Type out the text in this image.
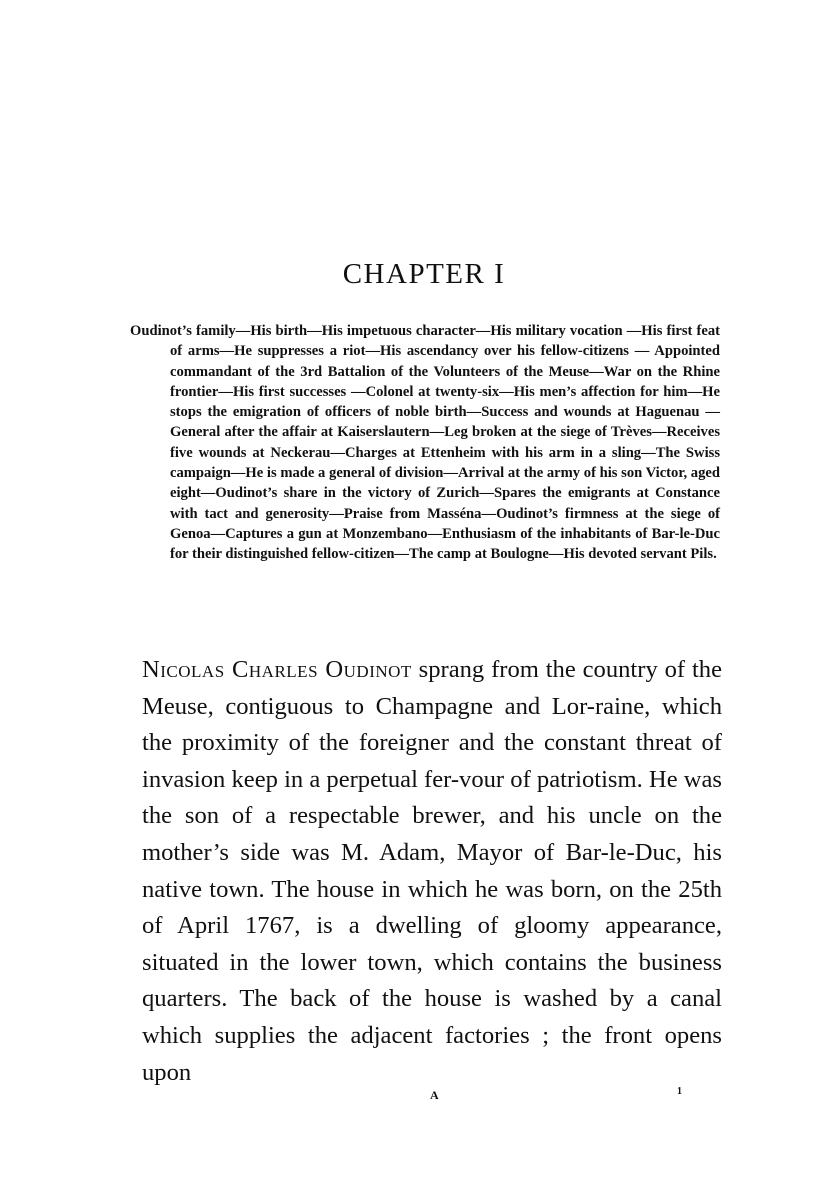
CHAPTER I

Oudinot’s family—His birth—His impetuous character—His military vocation —His first feat of arms—He suppresses a riot—His ascendancy over his fellow-citizens — Appointed commandant of the 3rd Battalion of the Volunteers of the Meuse—War on the Rhine frontier—His first successes —Colonel at twenty-six—His men’s affection for him—He stops the emigration of officers of noble birth—Success and wounds at Haguenau —General after the affair at Kaiserslautern—Leg broken at the siege of Trèves—Receives five wounds at Neckerau—Charges at Ettenheim with his arm in a sling—The Swiss campaign—He is made a general of division—Arrival at the army of his son Victor, aged eight—Oudinot’s share in the victory of Zurich—Spares the emigrants at Constance with tact and generosity—Praise from Masséna—Oudinot’s firmness at the siege of Genoa—Captures a gun at Monzembano—Enthusiasm of the inhabitants of Bar-le-Duc for their distinguished fellow-citizen—The camp at Boulogne—His devoted servant Pils.

Nicolas Charles Oudinot sprang from the country of the Meuse, contiguous to Champagne and Lor-raine, which the proximity of the foreigner and the constant threat of invasion keep in a perpetual fer-vour of patriotism. He was the son of a respectable brewer, and his uncle on the mother’s side was M. Adam, Mayor of Bar-le-Duc, his native town. The house in which he was born, on the 25th of April 1767, is a dwelling of gloomy appearance, situated in the lower town, which contains the business quarters. The back of the house is washed by a canal which supplies the adjacent factories ; the front opens upon

A	1
